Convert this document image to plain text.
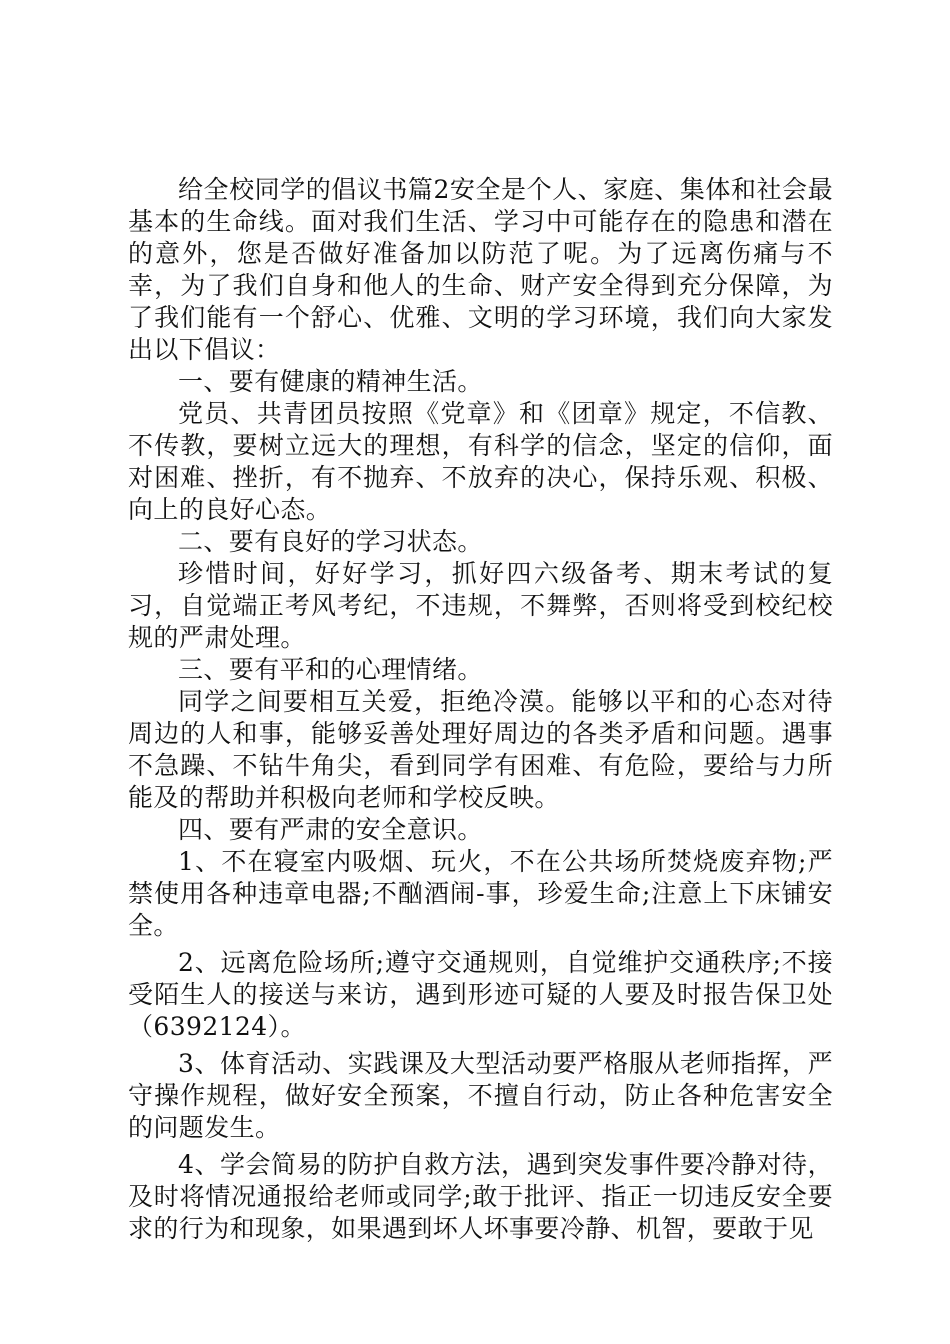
给全校同学的倡议书篇2安全是个人、家庭、集体和社会最基本的生命线。面对我们生活、学习中可能存在的隐患和潜在的意外，您是否做好准备加以防范了呢。为了远离伤痛与不幸，为了我们自身和他人的生命、财产安全得到充分保障，为了我们能有一个舒心、优雅、文明的学习环境，我们向大家发出以下倡议：

一、要有健康的精神生活。

党员、共青团员按照《党章》和《团章》规定，不信教、不传教，要树立远大的理想，有科学的信念，坚定的信仰，面对困难、挫折，有不抛弃、不放弃的决心，保持乐观、积极、向上的良好心态。

二、要有良好的学习状态。

珍惜时间，好好学习，抓好四六级备考、期末考试的复习，自觉端正考风考纪，不违规，不舞弊，否则将受到校纪校规的严肃处理。

三、要有平和的心理情绪。

同学之间要相互关爱，拒绝冷漠。能够以平和的心态对待周边的人和事，能够妥善处理好周边的各类矛盾和问题。遇事不急躁、不钻牛角尖，看到同学有困难、有危险，要给与力所能及的帮助并积极向老师和学校反映。

四、要有严肃的安全意识。

1、不在寝室内吸烟、玩火，不在公共场所焚烧废弃物;严禁使用各种违章电器;不酗酒闹-事，珍爱生命;注意上下床铺安全。

2、远离危险场所;遵守交通规则，自觉维护交通秩序;不接受陌生人的接送与来访，遇到形迹可疑的人要及时报告保卫处（6392124）。

3、体育活动、实践课及大型活动要严格服从老师指挥，严守操作规程，做好安全预案，不擅自行动，防止各种危害安全的问题发生。

4、学会简易的防护自救方法，遇到突发事件要冷静对待，及时将情况通报给老师或同学;敢于批评、指正一切违反安全要求的行为和现象，如果遇到坏人坏事要冷静、机智，要敢于见
